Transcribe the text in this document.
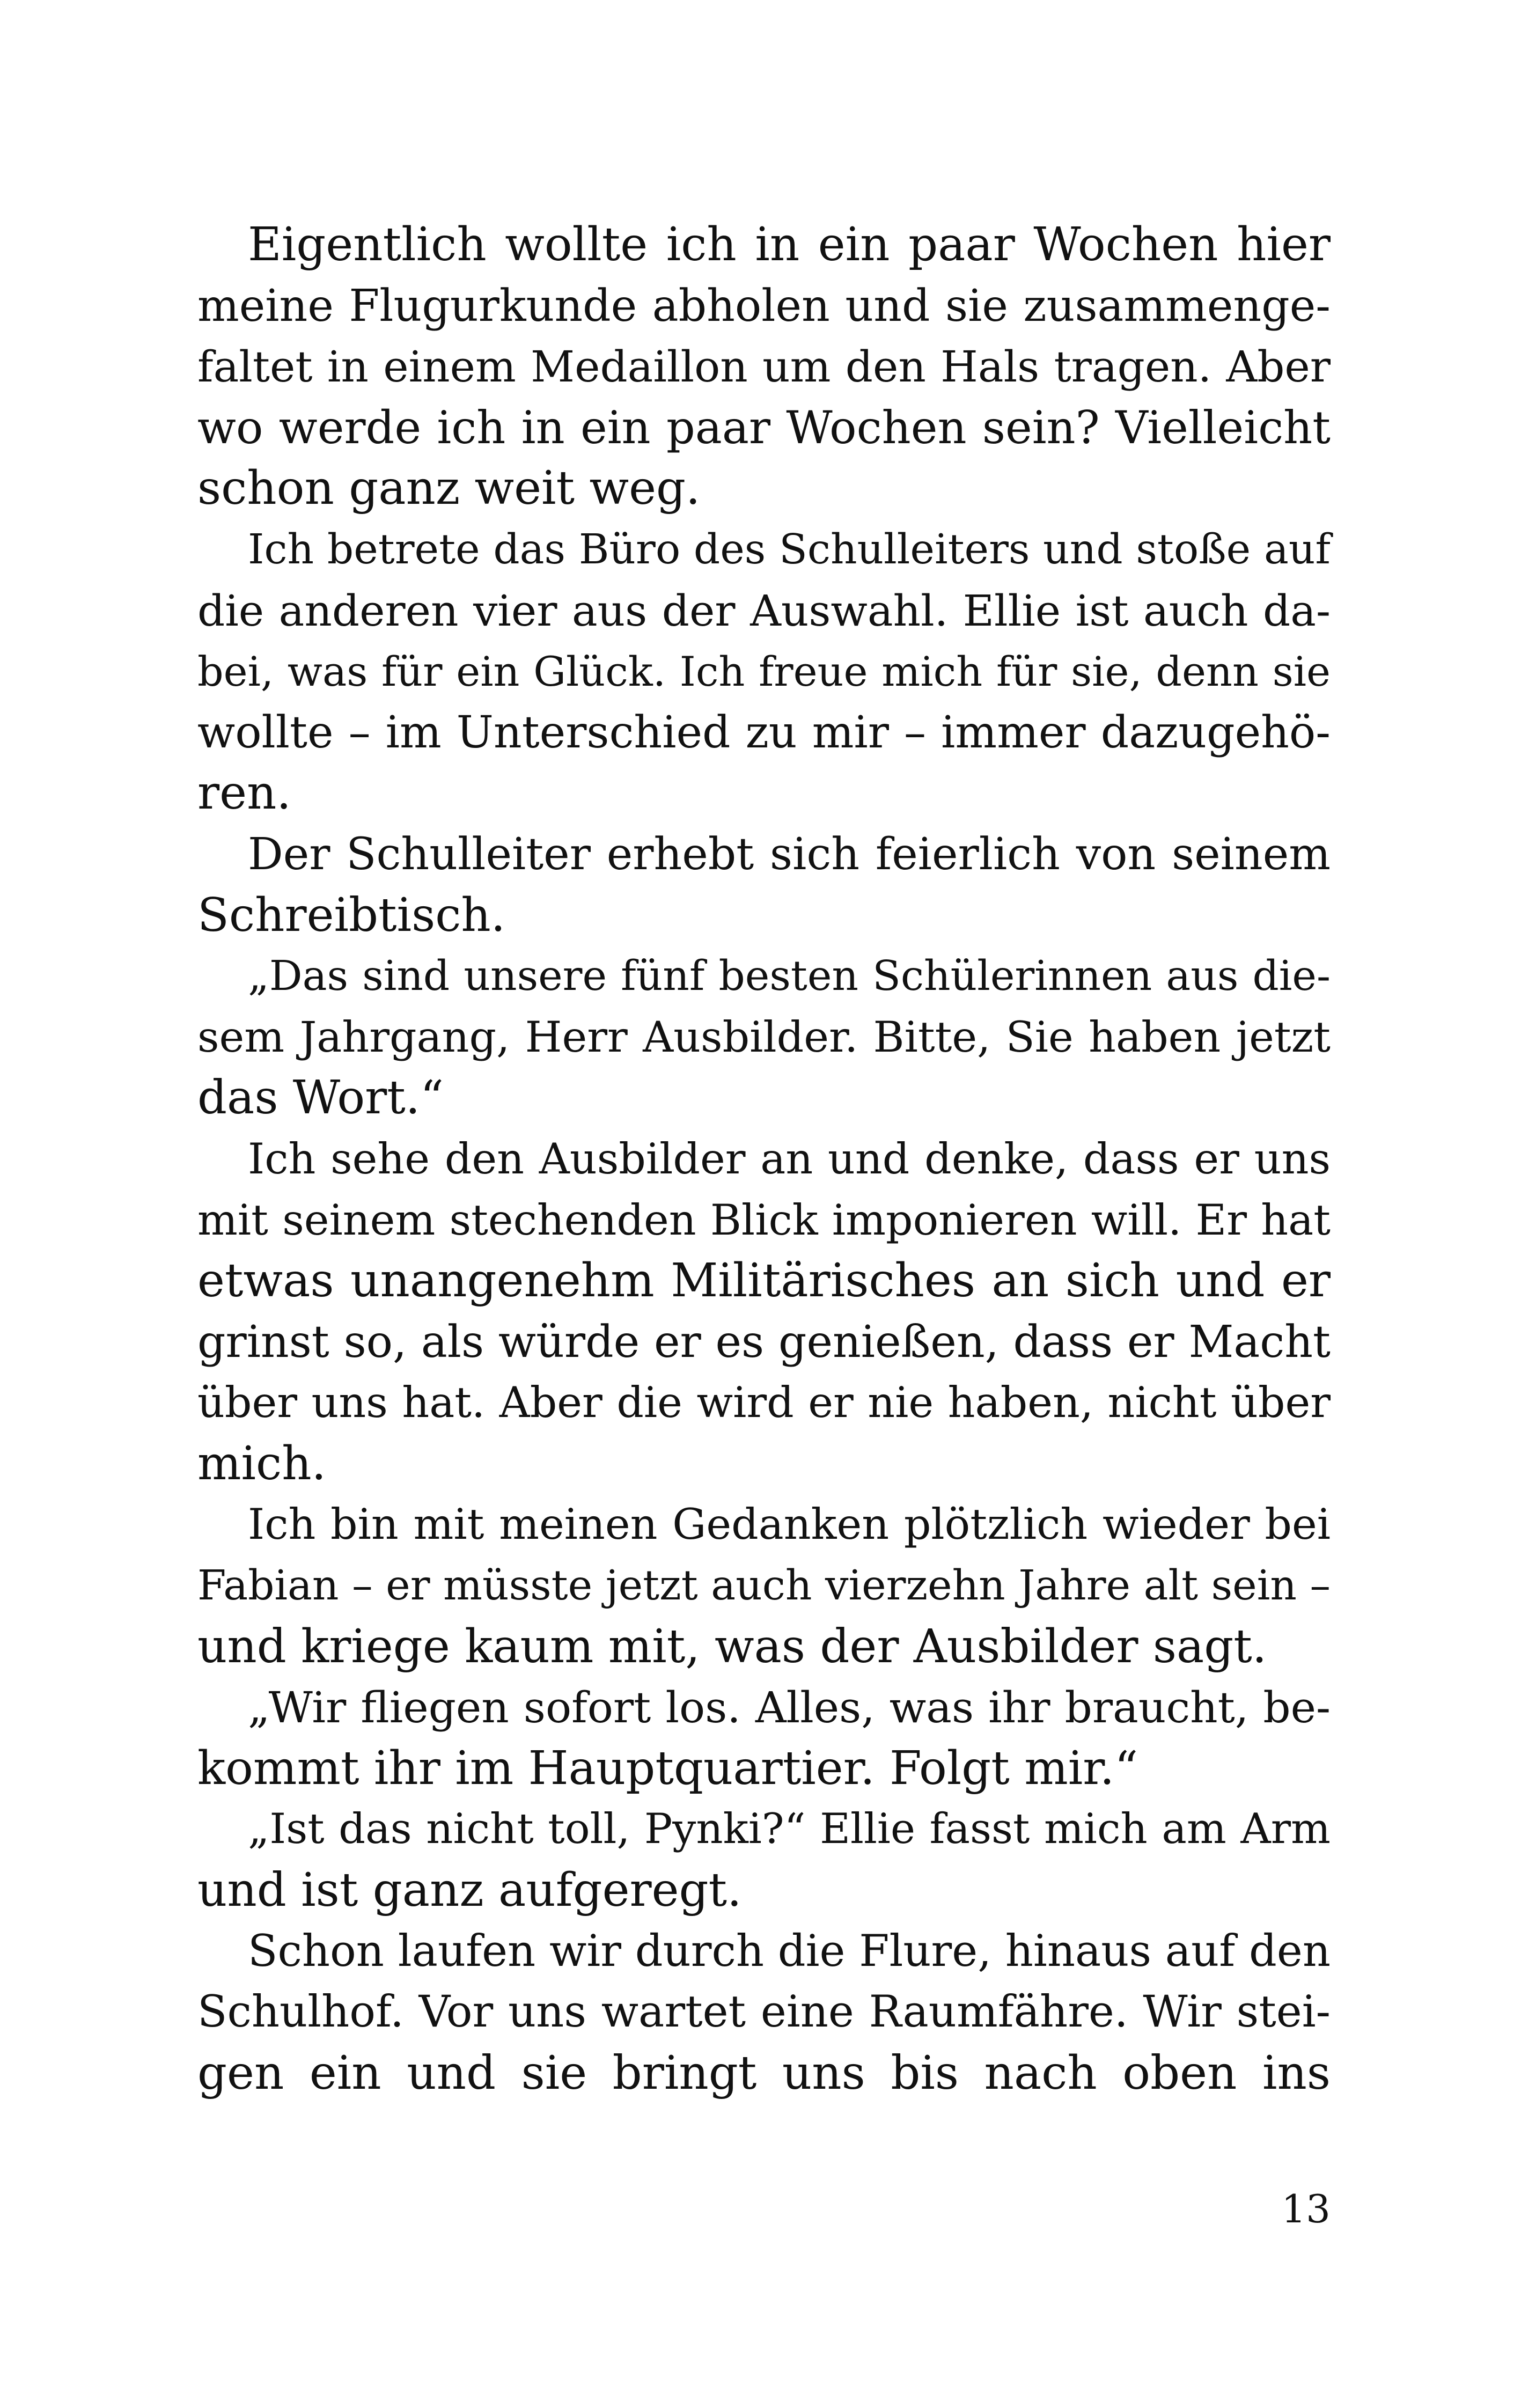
Eigentlich wollte ich in ein paar Wochen hier
meine Flugurkunde abholen und sie zusammenge-
faltet in einem Medaillon um den Hals tragen. Aber
wo werde ich in ein paar Wochen sein? Vielleicht
schon ganz weit weg.
Ich betrete das Büro des Schulleiters und stoße auf
die anderen vier aus der Auswahl. Ellie ist auch da-
bei, was für ein Glück. Ich freue mich für sie, denn sie
wollte – im Unterschied zu mir – immer dazugehö-
ren.
Der Schulleiter erhebt sich feierlich von seinem
Schreibtisch.
„Das sind unsere fünf besten Schülerinnen aus die-
sem Jahrgang, Herr Ausbilder. Bitte, Sie haben jetzt
das Wort.“
Ich sehe den Ausbilder an und denke, dass er uns
mit seinem stechenden Blick imponieren will. Er hat
etwas unangenehm Militärisches an sich und er
grinst so, als würde er es genießen, dass er Macht
über uns hat. Aber die wird er nie haben, nicht über
mich.
Ich bin mit meinen Gedanken plötzlich wieder bei
Fabian – er müsste jetzt auch vierzehn Jahre alt sein –
und kriege kaum mit, was der Ausbilder sagt.
„Wir fliegen sofort los. Alles, was ihr braucht, be-
kommt ihr im Hauptquartier. Folgt mir.“
„Ist das nicht toll, Pynki?“ Ellie fasst mich am Arm
und ist ganz aufgeregt.
Schon laufen wir durch die Flure, hinaus auf den
Schulhof. Vor uns wartet eine Raumfähre. Wir stei-
gen ein und sie bringt uns bis nach oben ins
13
